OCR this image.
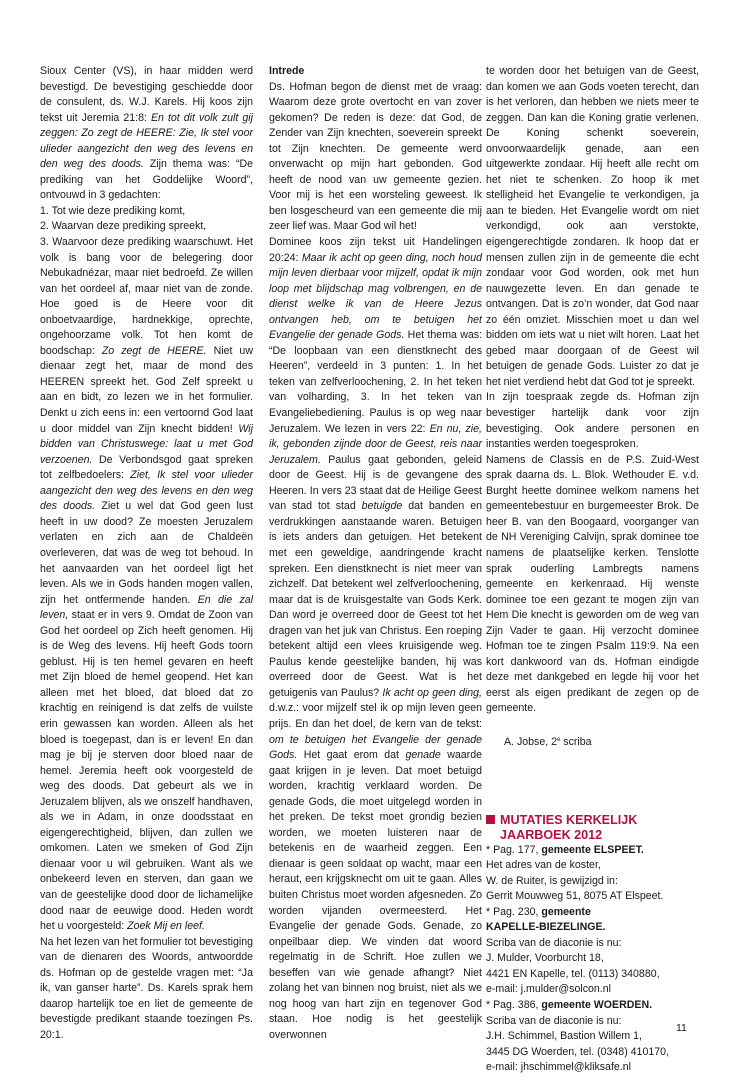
Sioux Center (VS), in haar midden werd bevestigd. De bevestiging geschiedde door de consulent, ds. W.J. Karels. Hij koos zijn tekst uit Jeremia 21:8: En tot dit volk zult gij zeggen: Zo zegt de HEERE: Zie, Ik stel voor ulieder aangezicht den weg des levens en den weg des doods. Zijn thema was: “De prediking van het Goddelijke Woord”, ontvouwd in 3 gedachten:

1. Tot wie deze prediking komt,

2. Waarvan deze prediking spreekt,

3. Waarvoor deze prediking waarschuwt. Het volk is bang voor de belegering door Nebukadnézar, maar niet bedroefd. Ze willen van het oordeel af, maar niet van de zonde. Hoe goed is de Heere voor dit onboetvaardige, hardnekkige, oprechte, ongehoorzame volk. Tot hen komt de boodschap: Zo zegt de HEERE. Niet uw dienaar zegt het, maar de mond des HEEREN spreekt het. God Zelf spreekt u aan en bidt, zo lezen we in het formulier. Denkt u zich eens in: een vertoornd God laat u door middel van Zijn knecht bidden! Wij bidden van Christuswege: laat u met God verzoenen. De Verbondsgod gaat spreken tot zelfbedoelers: Ziet, Ik stel voor ulieder aangezicht den weg des levens en den weg des doods. Ziet u wel dat God geen lust heeft in uw dood? Ze moesten Jeruzalem verlaten en zich aan de Chaldeën overleveren, dat was de weg tot behoud. In het aanvaarden van het oordeel ligt het leven. Als we in Gods handen mogen vallen, zijn het ontfermende handen. En die zal leven, staat er in vers 9. Omdat de Zoon van God het oordeel op Zich heeft genomen. Hij is de Weg des levens. Hij heeft Gods toorn geblust. Hij is ten hemel gevaren en heeft met Zijn bloed de hemel geopend. Het kan alleen met het bloed, dat bloed dat zo krachtig en reinigend is dat zelfs de vuilste erin gewassen kan worden. Alleen als het bloed is toegepast, dan is er leven! En dan mag je bij je sterven door bloed naar de hemel. Jeremia heeft ook voorgesteld de weg des doods. Dat gebeurt als we in Jeruzalem blijven, als we onszelf handhaven, als we in Adam, in onze doodsstaat en eigengerechtigheid, blijven, dan zullen we omkomen. Laten we smeken of God Zijn dienaar voor u wil gebruiken. Want als we onbekeerd leven en sterven, dan gaan we van de geestelijke dood door de lichamelijke dood naar de eeuwige dood. Heden wordt het u voorgesteld: Zoek Mij en leef.

Na het lezen van het formulier tot bevestiging van de dienaren des Woords, antwoordde ds. Hofman op de gestelde vragen met: “Ja ik, van ganser harte”. Ds. Karels sprak hem daarop hartelijk toe en liet de gemeente de bevestigde predikant staande toezingen Ps. 20:1.

Intrede

Ds. Hofman begon de dienst met de vraag: Waarom deze grote overtocht en van zover gekomen? De reden is deze: dat God, de Zender van Zijn knechten, soeverein spreekt tot Zijn knechten. De gemeente werd onverwacht op mijn hart gebonden. God heeft de nood van uw gemeente gezien. Voor mij is het een worsteling geweest. Ik ben losgescheurd van een gemeente die mij zeer lief was. Maar God wil het!

Dominee koos zijn tekst uit Handelingen 20:24: Maar ik acht op geen ding, noch houd mijn leven dierbaar voor mijzelf, opdat ik mijn loop met blijdschap mag volbrengen, en de dienst welke ik van de Heere Jezus ontvangen heb, om te betuigen het Evangelie der genade Gods. Het thema was: “De loopbaan van een dienstknecht des Heeren”, verdeeld in 3 punten: 1. In het teken van zelfverloochening, 2. In het teken van volharding, 3. In het teken van Evangeliebediening. Paulus is op weg naar Jeruzalem. We lezen in vers 22: En nu, zie, ik, gebonden zijnde door de Geest, reis naar Jeruzalem. Paulus gaat gebonden, geleid door de Geest. Hij is de gevangene des Heeren. In vers 23 staat dat de Heilige Geest van stad tot stad betuigde dat banden en verdrukkingen aanstaande waren. Betuigen is iets anders dan getuigen. Het betekent met een geweldige, aandringende kracht spreken. Een dienstknecht is niet meer van zichzelf. Dat betekent wel zelfverloochening, maar dat is de kruisgestalte van Gods Kerk. Dan word je overreed door de Geest tot het dragen van het juk van Christus. Een roeping betekent altijd een vlees kruisigende weg. Paulus kende geestelijke banden, hij was overreed door de Geest. Wat is het getuigenis van Paulus? Ik acht op geen ding, d.w.z.: voor mijzelf stel ik op mijn leven geen prijs. En dan het doel, de kern van de tekst: om te betuigen het Evangelie der genade Gods. Het gaat erom dat genade waarde gaat krijgen in je leven. Dat moet betuigd worden, krachtig verklaard worden. De genade Gods, die moet uitgelegd worden in het preken. De tekst moet grondig bezien worden, we moeten luisteren naar de betekenis en de waarheid zeggen. Een dienaar is geen soldaat op wacht, maar een heraut, een krijgsknecht om uit te gaan. Alles buiten Christus moet worden afgesneden. Zo worden vijanden overmeesterd. Het Evangelie der genade Gods. Genade, zo onpeilbaar diep. We vinden dat woord regelmatig in de Schrift. Hoe zullen we beseffen van wie genade afhangt? Niet zolang het van binnen nog bruist, niet als we nog hoog van hart zijn en tegenover God staan. Hoe nodig is het geestelijk overwonnen

te worden door het betuigen van de Geest, dan komen we aan Gods voeten terecht, dan is het verloren, dan hebben we niets meer te zeggen. Dan kan die Koning gratie verlenen. De Koning schenkt soeverein, onvoorwaardelijk genade, aan een uitgewerkte zondaar. Hij heeft alle recht om het niet te schenken. Zo hoop ik met stelligheid het Evangelie te verkondigen, ja aan te bieden. Het Evangelie wordt om niet verkondigd, ook aan verstokte, eigengerechtigde zondaren. Ik hoop dat er mensen zullen zijn in de gemeente die echt zondaar voor God worden, ook met hun nauwgezette leven. En dan genade te ontvangen. Dat is zo’n wonder, dat God naar zo één omziet. Misschien moet u dan wel bidden om iets wat u niet wilt horen. Laat het gebed maar doorgaan of de Geest wil betuigen de genade Gods. Luister zo dat je het niet verdiend hebt dat God tot je spreekt.

In zijn toespraak zegde ds. Hofman zijn bevestiger hartelijk dank voor zijn bevestiging. Ook andere personen en instanties werden toegesproken.

Namens de Classis en de P.S. Zuid-West sprak daarna ds. L. Blok. Wethouder E. v.d. Burght heette dominee welkom namens het gemeentebestuur en burgemeester Brok. De heer B. van den Boogaard, voorganger van de NH Vereniging Calvijn, sprak dominee toe namens de plaatselijke kerken. Tenslotte sprak ouderling Lambregts namens gemeente en kerkenraad. Hij wenste dominee toe een gezant te mogen zijn van Hem Die knecht is geworden om de weg van Zijn Vader te gaan. Hij verzocht dominee Hofman toe te zingen Psalm 119:9. Na een kort dankwoord van ds. Hofman eindigde deze met dankgebed en legde hij voor het eerst als eigen predikant de zegen op de gemeente.

A. Jobse, 2e scriba

MUTATIES KERKELIJK
JAARBOEK 2012

* Pag. 177, gemeente ELSPEET.

Het adres van de koster,

W. de Ruiter, is gewijzigd in:

Gerrit Mouwweg 51, 8075 AT Elspeet.

* Pag. 230, gemeente

KAPELLE-BIEZELINGE.

Scriba van de diaconie is nu:

J. Mulder, Voorburcht 18,

4421 EN Kapelle, tel. (0113) 340880,

e-mail: j.mulder@solcon.nl

* Pag. 386, gemeente WOERDEN.

Scriba van de diaconie is nu:

J.H. Schimmel, Bastion Willem 1,

3445 DG Woerden, tel. (0348) 410170,

e-mail: jhschimmel@kliksafe.nl

11
